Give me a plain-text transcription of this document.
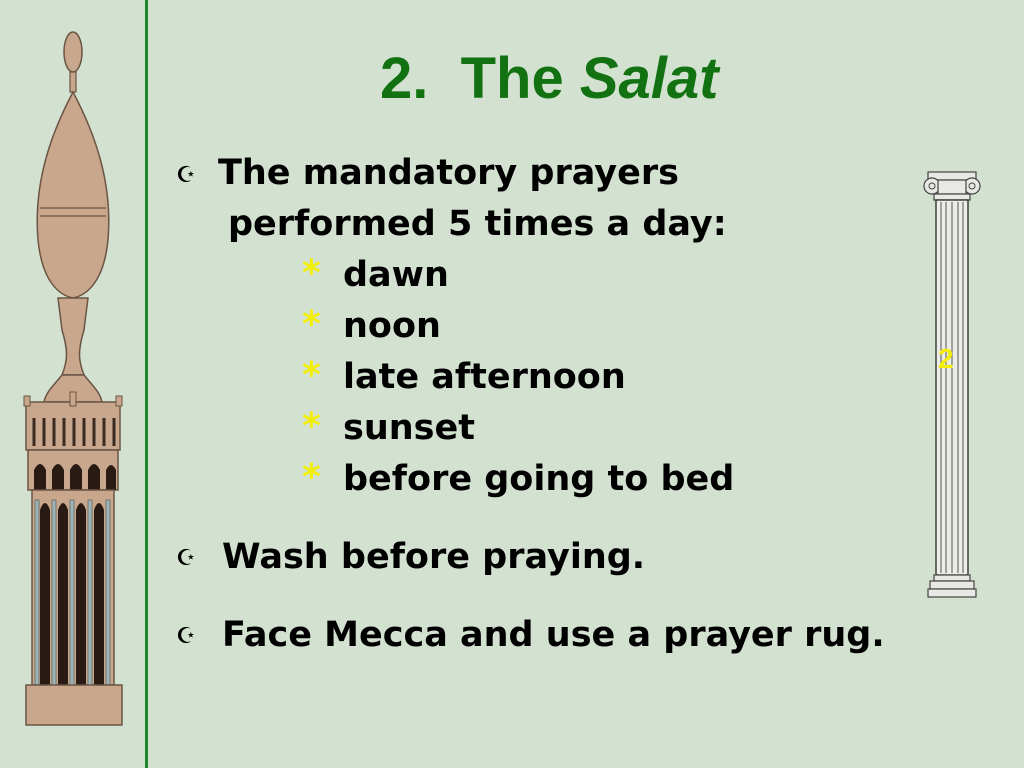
2. The Salat
☪ The mandatory prayers
performed 5 times a day:
* dawn
* noon
* late afternoon
* sunset
* before going to bed
☪ Wash before praying.
☪ Face Mecca and use a prayer rug.
2
